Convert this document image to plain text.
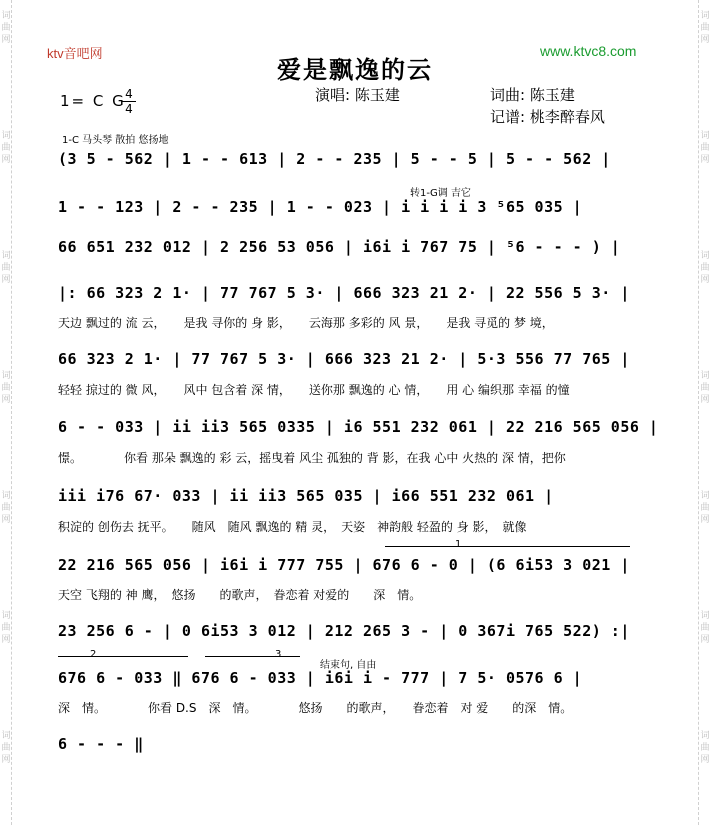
词曲网
词曲网
词曲网
词曲网
词曲网
词曲网
词曲网
词曲网
词曲网
词曲网
词曲网
词曲网
词曲网
词曲网
ktv音吧网	www.ktvc8.com
爱是飘逸的云
演唱: 陈玉建	词曲: 陈玉建
记谱: 桃李醉春风
1= C G 4
4
1-C 马头琴 散拍 悠扬地
转1-G调 吉它
结束句, 自由
1
2	3
(3 5 - 562 | 1 - - 613 | 2 - - 235 | 5 - - 5 | 5 - - 562 |
1 - - 123 | 2 - - 235 | 1 - - 023 | i i i i 3 ⁵65 035 |
66 651 232 012 | 2 256 53 056 | i6i i 767 75 | ⁵6 - - - ) |
|: 66 323 2 1· | 77 767 5 3· | 666 323 21 2· | 22 556 5 3· |
天边 飘过的 流 云，　　是我 寻你的 身 影，　　云海那 多彩的 风 景，　　是我 寻觅的 梦 境，
66 323 2 1· | 77 767 5 3· | 666 323 21 2· | 5·3 556 77 765 |
轻轻 掠过的 微 风，　　风中 包含着 深 情，　　送你那 飘逸的 心 情，　　用 心 编织那 幸福 的憧
6 - - 033 | ii ii3 565 0335 | i6 551 232 061 | 22 216 565 056 |
憬。　　　　你看 那朵 飘逸的 彩 云，摇曳着 风尘 孤独的 背 影，在我 心中 火热的 深 情，把你
iii i76 67· 033 | ii ii3 565 035 | i66 551 232 061 |
积淀的 创伤去 抚平。　　随风　随风 飘逸的 精 灵，　天姿　神韵般 轻盈的 身 影，　就像
22 216 565 056 | i6i i 777 755 | 676 6 - 0 | (6 6i53 3 021 |
天空 飞翔的 神 鹰，　悠扬　　的歌声，　眷恋着 对爱的　　深　情。
23 256 6 - | 0 6i53 3 012 | 212 265 3 - | 0 367i 765 522) :|
676 6 - 033 ‖ 676 6 - 033 | i6i i - 777 | 7 5· 0576 6 |
深　情。　　　　你看 D.S　深　情。　　　　悠扬　　的歌声，　　眷恋着　对 爱　　的深　情。
6 - - - ‖
